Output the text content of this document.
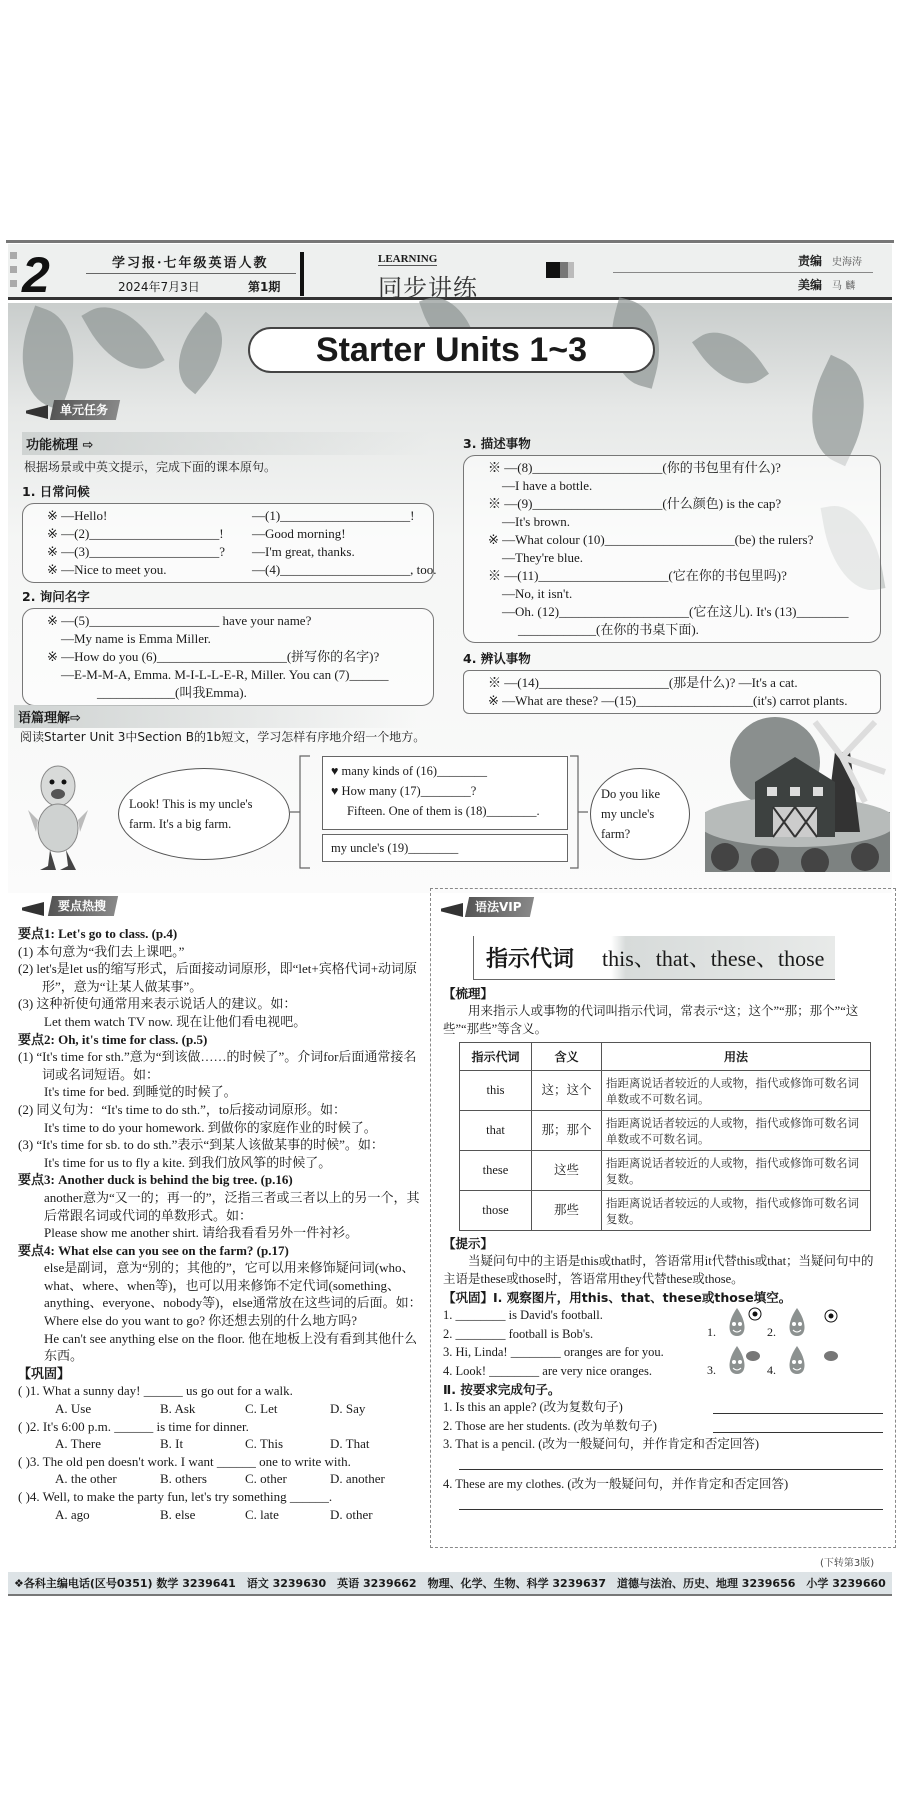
2	学习报·七年级英语人教
2024年7月3日	第1期
LEARNING
同步讲练
责编 史海涛
美编 马 麟
Starter Units 1~3
单元任务
功能梳理 ⇨
根据场景或中英文提示，完成下面的课本原句。
1. 日常问候
※ —Hello!	—(1)____________________!
※ —(2)____________________!	—Good morning!
※ —(3)____________________?	—I'm great, thanks.
※ —Nice to meet you.	—(4)____________________, too.
2. 询问名字
※ —(5)____________________ have your name?
—My name is Emma Miller.
※ —How do you (6)____________________(拼写你的名字)?
—E-M-M-A, Emma. M-I-L-L-E-R, Miller. You can (7)______
____________(叫我Emma).
3. 描述事物
※ —(8)____________________(你的书包里有什么)?
—I have a bottle.
※ —(9)____________________(什么颜色) is the cap?
—It's brown.
※ —What colour (10)____________________(be) the rulers?
—They're blue.
※ —(11)____________________(它在你的书包里吗)?
—No, it isn't.
—Oh. (12)____________________(它在这儿). It's (13)________
____________(在你的书桌下面).
4. 辨认事物
※ —(14)____________________(那是什么)? —It's a cat.
※ —What are these? —(15)__________________(it's) carrot plants.
语篇理解⇨
阅读Starter Unit 3中Section B的1b短文，学习怎样有序地介绍一个地方。
Look! This is my uncle's farm. It's a big farm.
♥ many kinds of (16)________
♥ How many (17)________?
Fifteen. One of them is (18)________.
my uncle's (19)________
Do you like my uncle's farm?
要点热搜
要点1: Let's go to class. (p.4)
(1) 本句意为“我们去上课吧。”
(2) let's是let us的缩写形式，后面接动词原形，即“let+宾格代词+动词原形”，意为“让某人做某事”。
(3) 这种祈使句通常用来表示说话人的建议。如：
Let them watch TV now. 现在让他们看电视吧。
要点2: Oh, it's time for class. (p.5)
(1) “It's time for sth.”意为“到该做……的时候了”。介词for后面通常接名词或名词短语。如：
It's time for bed. 到睡觉的时候了。
(2) 同义句为：“It's time to do sth.”，to后接动词原形。如：
It's time to do your homework. 到做你的家庭作业的时候了。
(3) “It's time for sb. to do sth.”表示“到某人该做某事的时候”。如：
It's time for us to fly a kite. 到我们放风筝的时候了。
要点3: Another duck is behind the big tree. (p.16)
another意为“又一的；再一的”，泛指三者或三者以上的另一个，其后常跟名词或代词的单数形式。如：
Please show me another shirt. 请给我看看另外一件衬衫。
要点4: What else can you see on the farm? (p.17)
else是副词，意为“别的；其他的”，它可以用来修饰疑问词(who、what、where、when等)，也可以用来修饰不定代词(something、anything、everyone、nobody等)，else通常放在这些词的后面。如：
Where else do you want to go? 你还想去别的什么地方吗?
He can't see anything else on the floor. 他在地板上没有看到其他什么东西。
【巩固】
( )1. What a sunny day! ______ us go out for a walk.
A. Use	B. Ask	C. Let	D. Say
( )2. It's 6:00 p.m. ______ is time for dinner.
A. There	B. It	C. This	D. That
( )3. The old pen doesn't work. I want ______ one to write with.
A. the other	B. others	C. other	D. another
( )4. Well, to make the party fun, let's try something ______.
A. ago	B. else	C. late	D. other
语法VIP
指示代词	this、that、these、those
【梳理】
用来指示人或事物的代词叫指示代词，常表示“这；这个”“那；那个”“这些”“那些”等含义。
指示代词	含义	用法
this	这；这个	指距离说话者较近的人或物，指代或修饰可数名词单数或不可数名词。
that	那；那个	指距离说话者较远的人或物，指代或修饰可数名词单数或不可数名词。
these	这些	指距离说话者较近的人或物，指代或修饰可数名词复数。
those	那些	指距离说话者较远的人或物，指代或修饰可数名词复数。
【提示】
当疑问句中的主语是this或that时，答语常用it代替this或that；当疑问句中的主语是these或those时，答语常用they代替these或those。
【巩固】Ⅰ. 观察图片，用this、that、these或those填空。
1. ________ is David's football.
2. ________ football is Bob's.
3. Hi, Linda! ________ oranges are for you.
4. Look! ________ are very nice oranges.
1.	2.
3.	4.
Ⅱ. 按要求完成句子。
1. Is this an apple? (改为复数句子)
2. Those are her students. (改为单数句子)
3. That is a pencil. (改为一般疑问句，并作肯定和否定回答)
4. These are my clothes. (改为一般疑问句，并作肯定和否定回答)
(下转第3版)
❖各科主编电话(区号0351) 数学 3239641　语文 3239630　英语 3239662　物理、化学、生物、科学 3239637　道德与法治、历史、地理 3239656　小学 3239660
